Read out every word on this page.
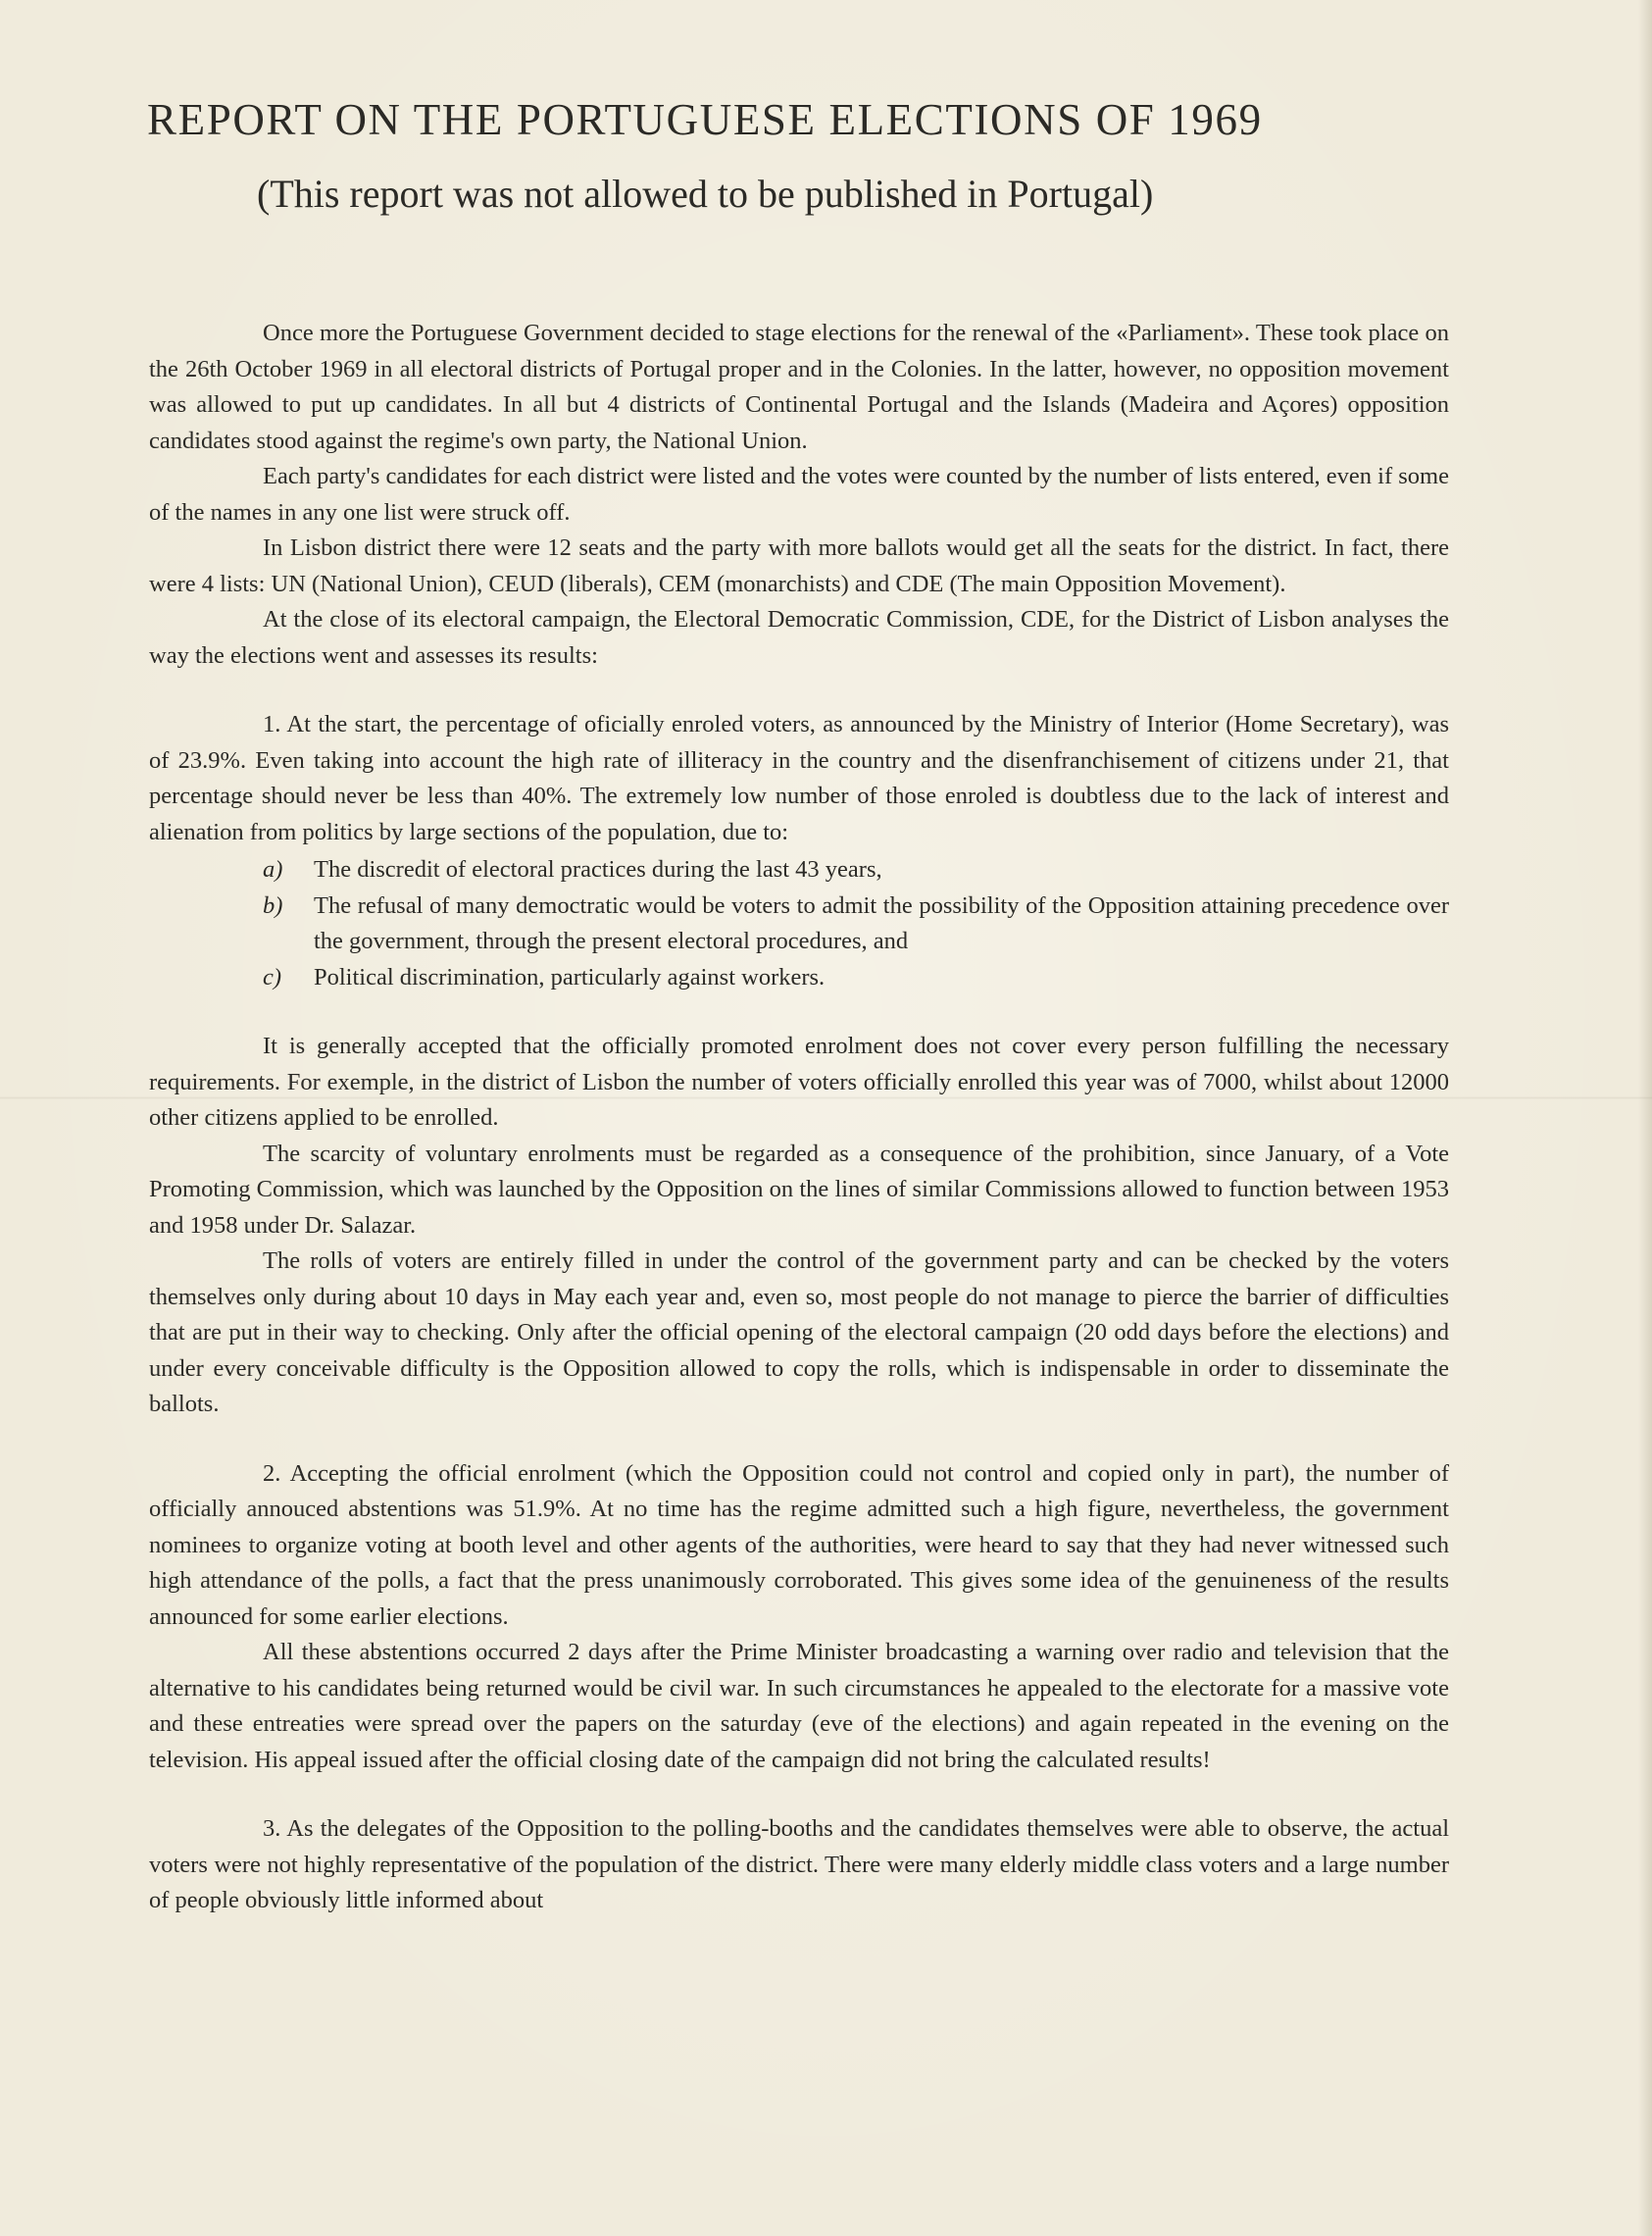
REPORT ON THE PORTUGUESE ELECTIONS OF 1969
(This report was not allowed to be published in Portugal)

Once more the Portuguese Government decided to stage elections for the renewal of the «Parliament». These took place on the 26th October 1969 in all electoral districts of Portugal proper and in the Colonies. In the latter, however, no opposition movement was allowed to put up candidates. In all but 4 districts of Continental Portugal and the Islands (Madeira and Açores) opposition candidates stood against the regime's own party, the National Union.

Each party's candidates for each district were listed and the votes were counted by the number of lists entered, even if some of the names in any one list were struck off.

In Lisbon district there were 12 seats and the party with more ballots would get all the seats for the district. In fact, there were 4 lists: UN (National Union), CEUD (liberals), CEM (monarchists) and CDE (The main Opposition Movement).

At the close of its electoral campaign, the Electoral Democratic Commission, CDE, for the District of Lisbon analyses the way the elections went and assesses its results:

1. At the start, the percentage of oficially enroled voters, as announced by the Ministry of Interior (Home Secretary), was of 23.9%. Even taking into account the high rate of illiteracy in the country and the disenfranchisement of citizens under 21, that percentage should never be less than 40%. The extremely low number of those enroled is doubtless due to the lack of interest and alienation from politics by large sections of the population, due to:

a) The discredit of electoral practices during the last 43 years,
b) The refusal of many democtratic would be voters to admit the possibility of the Opposition attaining precedence over the government, through the present electoral procedures, and
c) Political discrimination, particularly against workers.

It is generally accepted that the officially promoted enrolment does not cover every person fulfilling the necessary requirements. For exemple, in the district of Lisbon the number of voters officially enrolled this year was of 7000, whilst about 12000 other citizens applied to be enrolled.

The scarcity of voluntary enrolments must be regarded as a consequence of the prohibition, since January, of a Vote Promoting Commission, which was launched by the Opposition on the lines of similar Commissions allowed to function between 1953 and 1958 under Dr. Salazar.

The rolls of voters are entirely filled in under the control of the government party and can be checked by the voters themselves only during about 10 days in May each year and, even so, most people do not manage to pierce the barrier of difficulties that are put in their way to checking. Only after the official opening of the electoral campaign (20 odd days before the elections) and under every conceivable difficulty is the Opposition allowed to copy the rolls, which is indispensable in order to disseminate the ballots.

2. Accepting the official enrolment (which the Opposition could not control and copied only in part), the number of officially annouced abstentions was 51.9%. At no time has the regime admitted such a high figure, nevertheless, the government nominees to organize voting at booth level and other agents of the authorities, were heard to say that they had never witnessed such high attendance of the polls, a fact that the press unanimously corroborated. This gives some idea of the genuineness of the results announced for some earlier elections.

All these abstentions occurred 2 days after the Prime Minister broadcasting a warning over radio and television that the alternative to his candidates being returned would be civil war. In such circumstances he appealed to the electorate for a massive vote and these entreaties were spread over the papers on the saturday (eve of the elections) and again repeated in the evening on the television. His appeal issued after the official closing date of the campaign did not bring the calculated results!

3. As the delegates of the Opposition to the polling-booths and the candidates themselves were able to observe, the actual voters were not highly representative of the population of the district. There were many elderly middle class voters and a large number of people obviously little informed about
